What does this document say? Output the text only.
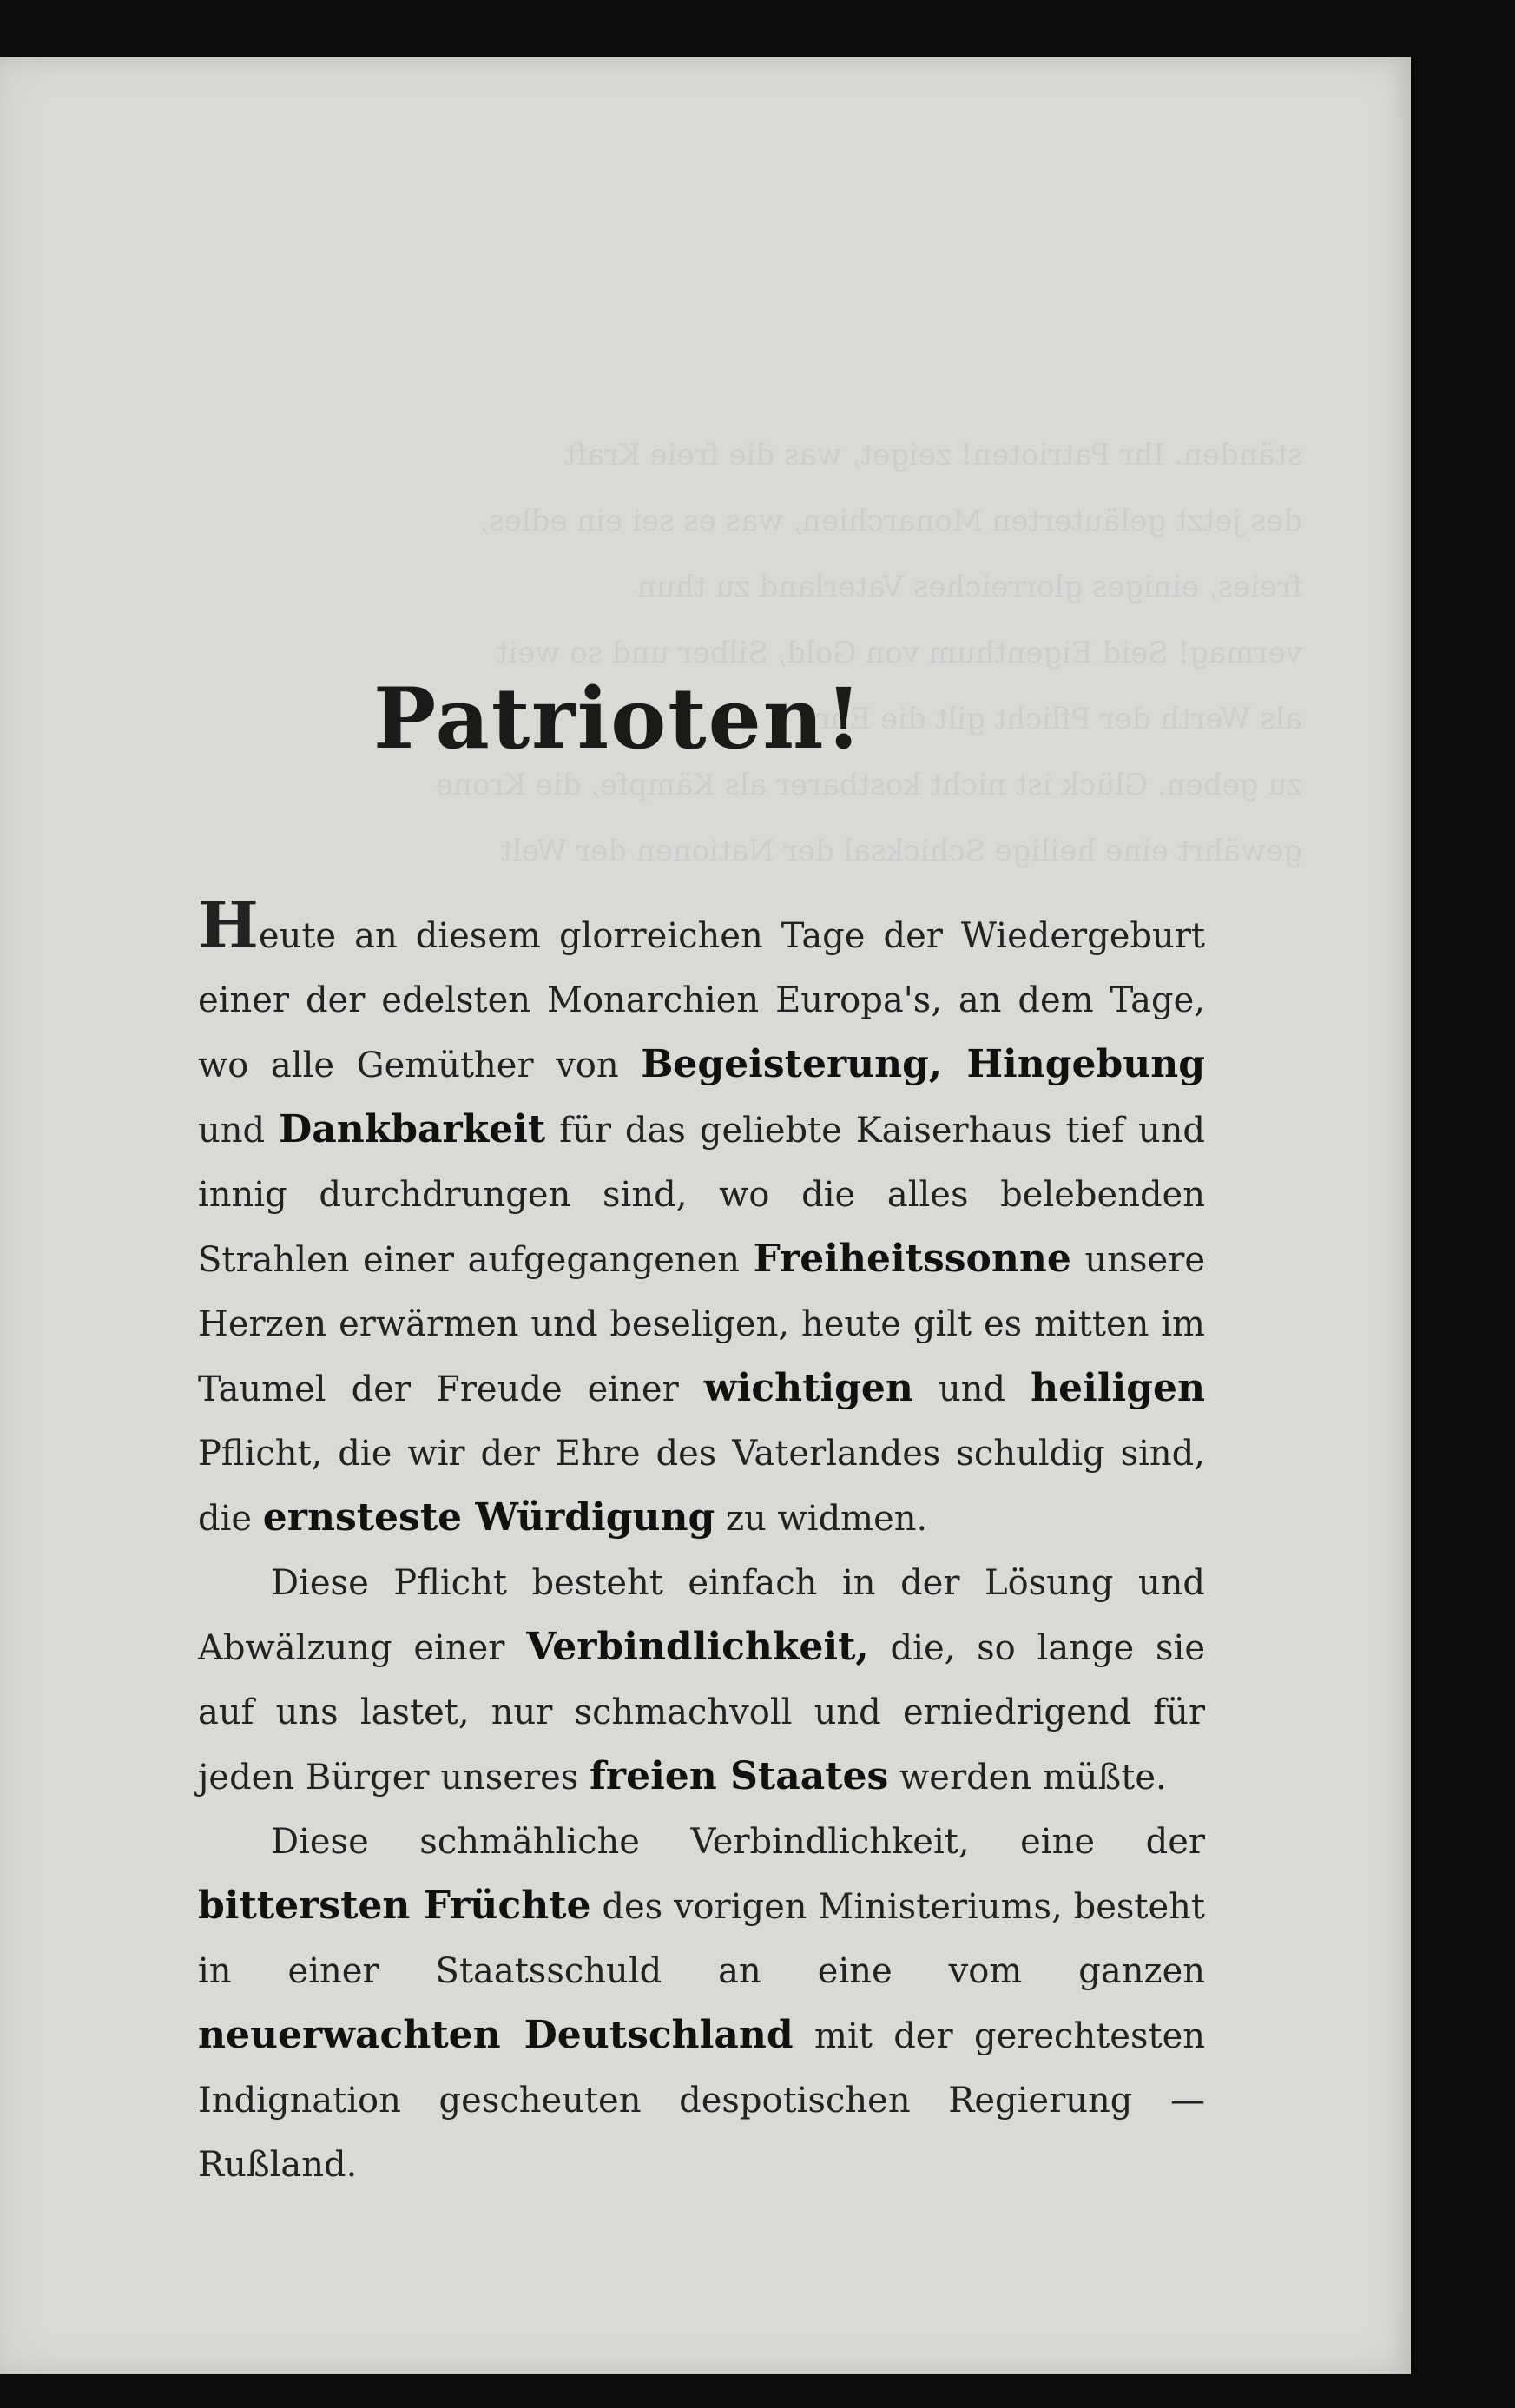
ständen. Ihr Patrioten! zeiget, was die freie Kraft
des jetzt geläuterten Monarchien, was es sei ein edles,
freies, einiges glorreiches Vaterland zu thun
vermag! Seid Eigenthum von Gold, Silber und so weit
als Werth der Pflicht gilt die Ehre
zu geben. Glück ist nicht kostbarer als Kämpfe, die Krone
gewährt eine heilige Schicksal der Nationen der Welt
Patrioten!

Heute an diesem glorreichen Tage der Wiedergeburt einer der edelsten Monarchien Europa's, an dem Tage, wo alle Gemüther von Begeisterung, Hingebung und Dankbarkeit für das geliebte Kaiserhaus tief und innig durchdrungen sind, wo die alles belebenden Strahlen einer aufgegangenen Freiheitssonne unsere Herzen erwärmen und beseligen, heute gilt es mitten im Taumel der Freude einer wichtigen und heiligen Pflicht, die wir der Ehre des Vaterlandes schuldig sind, die ernsteste Würdigung zu widmen.

Diese Pflicht besteht einfach in der Lösung und Abwälzung einer Verbindlichkeit, die, so lange sie auf uns lastet, nur schmachvoll und erniedrigend für jeden Bürger unseres freien Staates werden müßte.

Diese schmähliche Verbindlichkeit, eine der bittersten Früchte des vorigen Ministeriums, besteht in einer Staatsschuld an eine vom ganzen neuerwachten Deutschland mit der gerechtesten Indignation gescheuten despotischen Regierung — Rußland.
